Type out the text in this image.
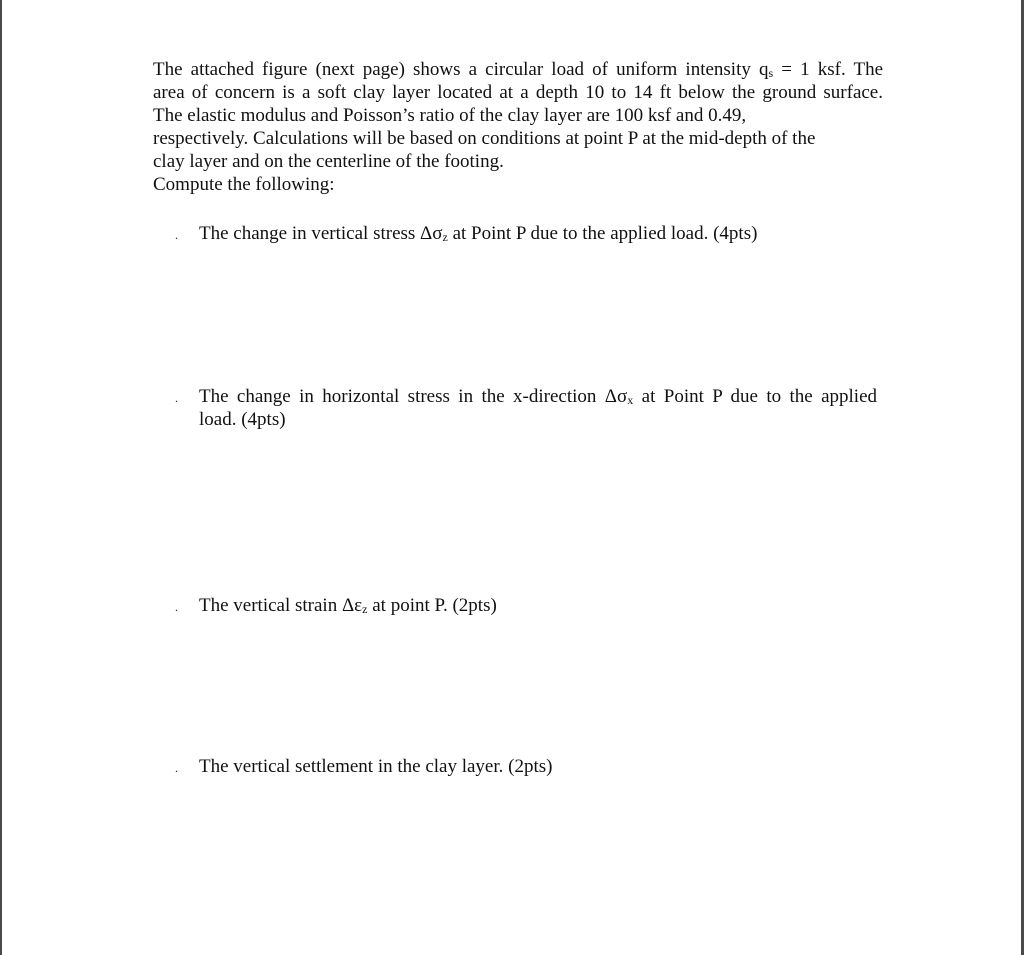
The attached figure (next page) shows a circular load of uniform intensity $q_s = 1$ ksf. The
area of concern is a soft clay layer located at a depth 10 to 14 ft below the ground surface.
The elastic modulus and Poisson’s ratio of the clay layer are 100 ksf and 0.49,
respectively. Calculations will be based on conditions at point P at the mid-depth of the
clay layer and on the centerline of the footing.
Compute the following:

. The change in vertical stress $\Delta\sigma_z$ at Point P due to the applied load. (4pts)
. The change in horizontal stress in the x-direction $\Delta\sigma_x$ at Point P due to the applied
load. (4pts)
. The vertical strain $\Delta\varepsilon_z$ at point P. (2pts)
. The vertical settlement in the clay layer. (2pts)
